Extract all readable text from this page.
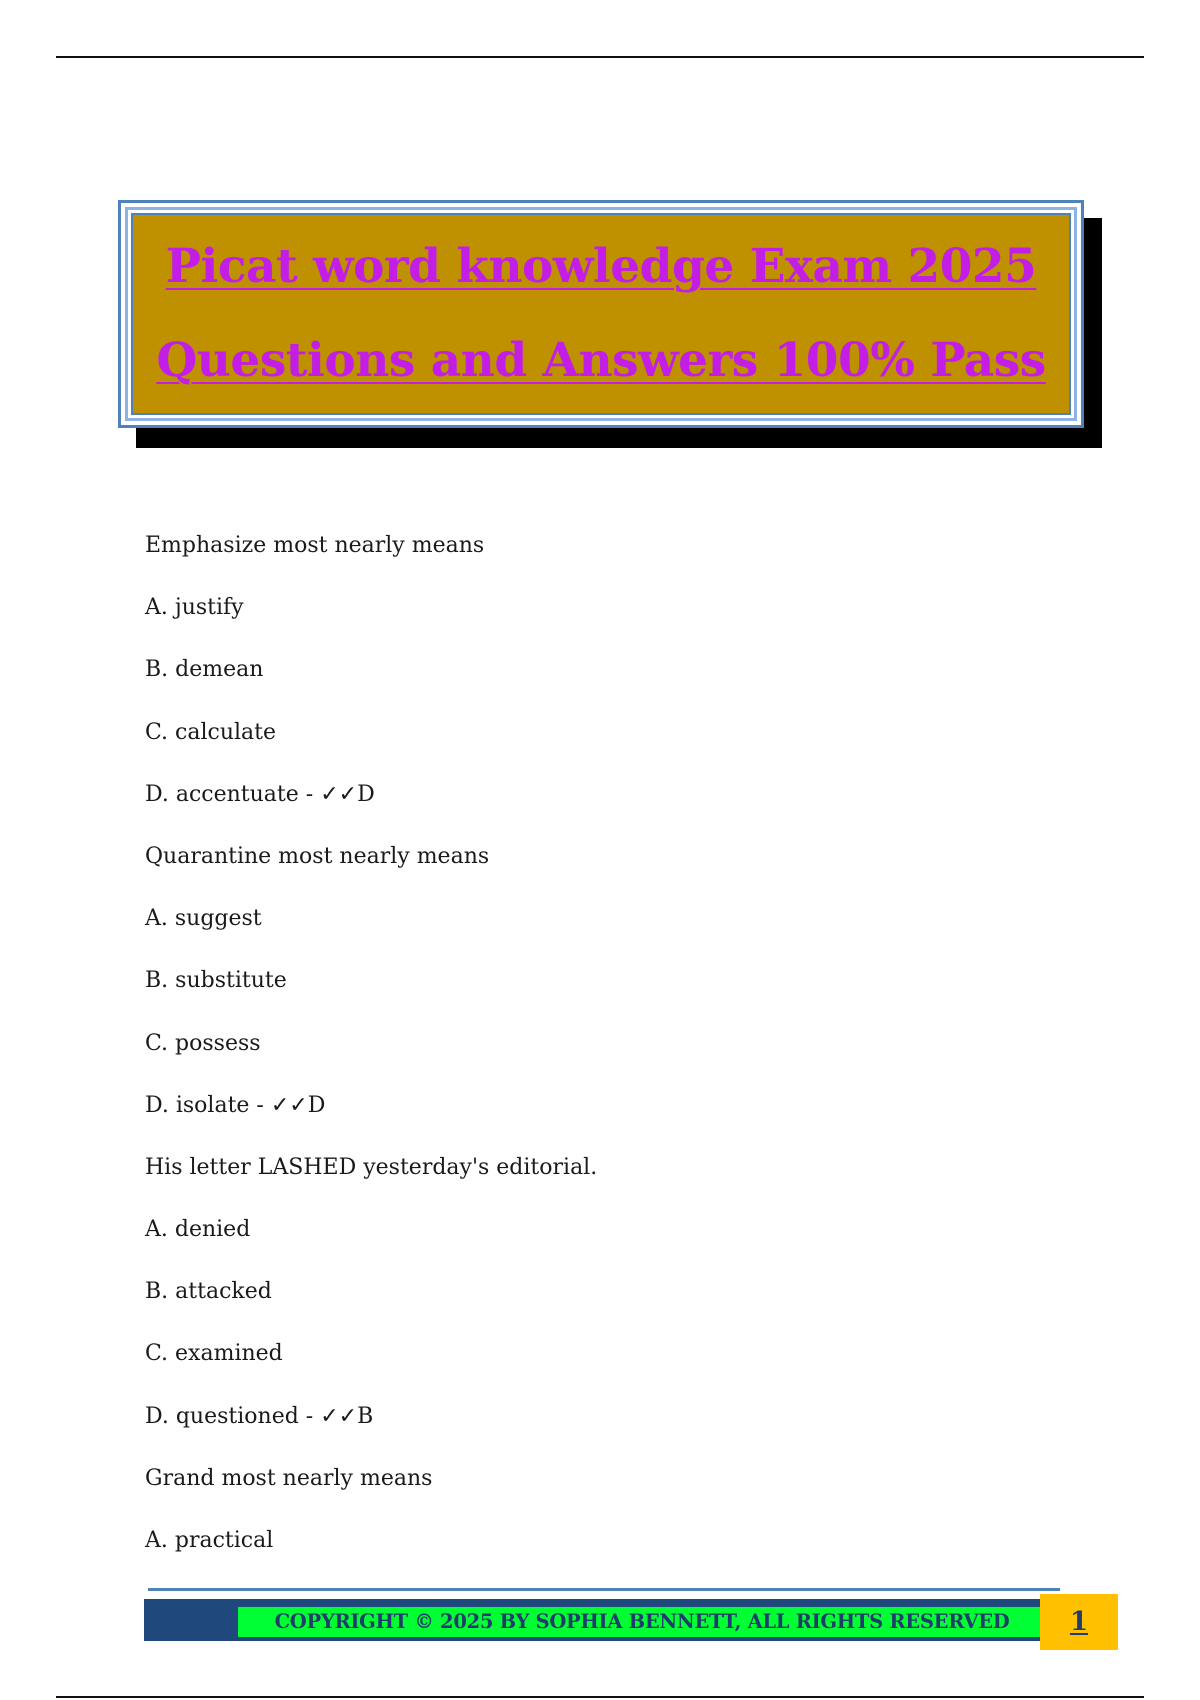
Picat word knowledge Exam 2025
Questions and Answers 100% Pass
Emphasize most nearly means
A. justify
B. demean
C. calculate
D. accentuate - ✓✓D
Quarantine most nearly means
A. suggest
B. substitute
C. possess
D. isolate - ✓✓D
His letter LASHED yesterday's editorial.
A. denied
B. attacked
C. examined
D. questioned - ✓✓B
Grand most nearly means
A. practical
COPYRIGHT © 2025 BY SOPHIA BENNETT, ALL RIGHTS RESERVED	1
